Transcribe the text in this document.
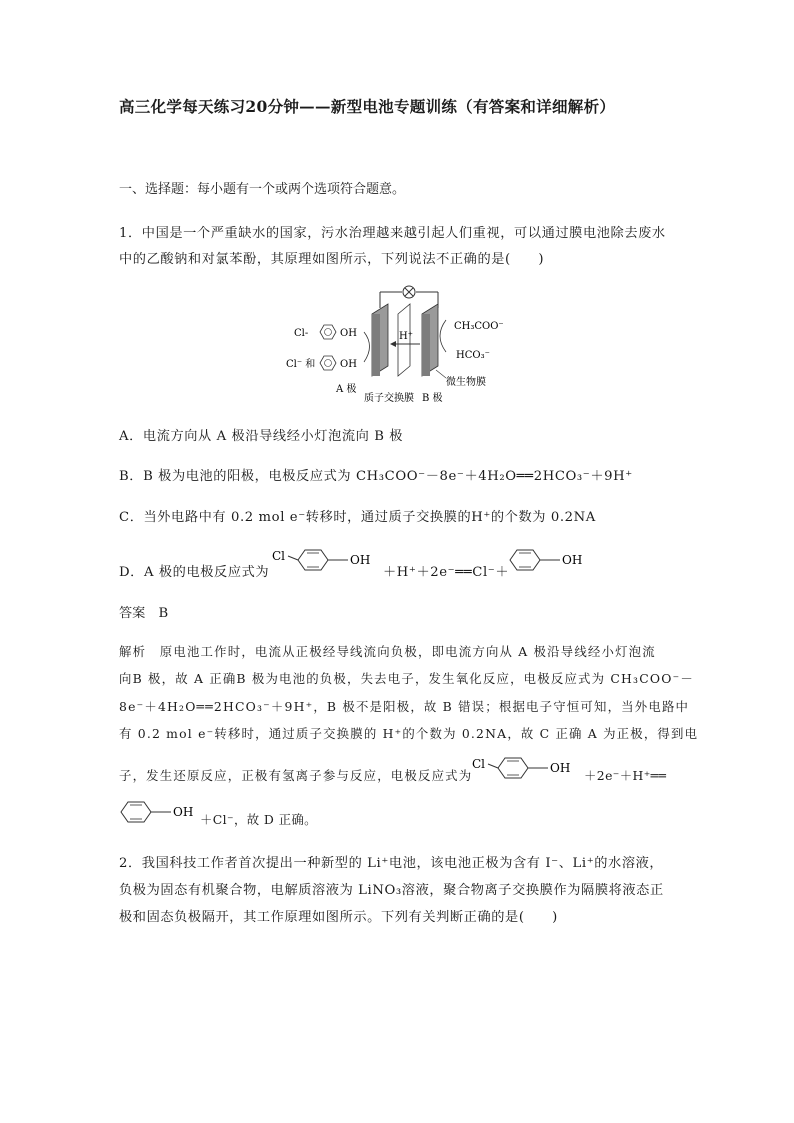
高三化学每天练习20分钟——新型电池专题训练（有答案和详细解析）
一、选择题：每小题有一个或两个选项符合题意。
1．中国是一个严重缺水的国家，污水治理越来越引起人们重视，可以通过膜电池除去废水
中的乙酸钠和对氯苯酚，其原理如图所示，下列说法不正确的是(　　)
H⁺
Cl-	OH
Cl⁻ 和 OH
CH₃COO⁻
HCO₃⁻
A 极
质子交换膜 B 极
微生物膜
A．电流方向从 A 极沿导线经小灯泡流向 B 极
B．B 极为电池的阳极，电极反应式为 CH₃COO⁻－8e⁻＋4H₂O══2HCO₃⁻＋9H⁺
C．当外电路中有 0.2 mol e⁻转移时，通过质子交换膜的H⁺的个数为 0.2NA
D．A 极的电极反应式为
Cl	OH
＋H⁺＋2e⁻══Cl⁻＋
OH
答案　B
解析　原电池工作时，电流从正极经导线流向负极，即电流方向从 A 极沿导线经小灯泡流
向B 极，故 A 正确B 极为电池的负极，失去电子，发生氧化反应，电极反应式为 CH₃COO⁻－
8e⁻＋4H₂O══2HCO₃⁻＋9H⁺，B 极不是阳极，故 B 错误；根据电子守恒可知，当外电路中
有 0.2 mol e⁻转移时，通过质子交换膜的 H⁺的个数为 0.2NA，故 C 正确 A 为正极，得到电
子，发生还原反应，正极有氢离子参与反应，电极反应式为
Cl	OH ＋2e⁻＋H⁺══
OH ＋Cl⁻，故 D 正确。
2．我国科技工作者首次提出一种新型的 Li⁺电池，该电池正极为含有 I⁻、Li⁺的水溶液，
负极为固态有机聚合物，电解质溶液为 LiNO₃溶液，聚合物离子交换膜作为隔膜将液态正
极和固态负极隔开，其工作原理如图所示。下列有关判断正确的是(　　)
